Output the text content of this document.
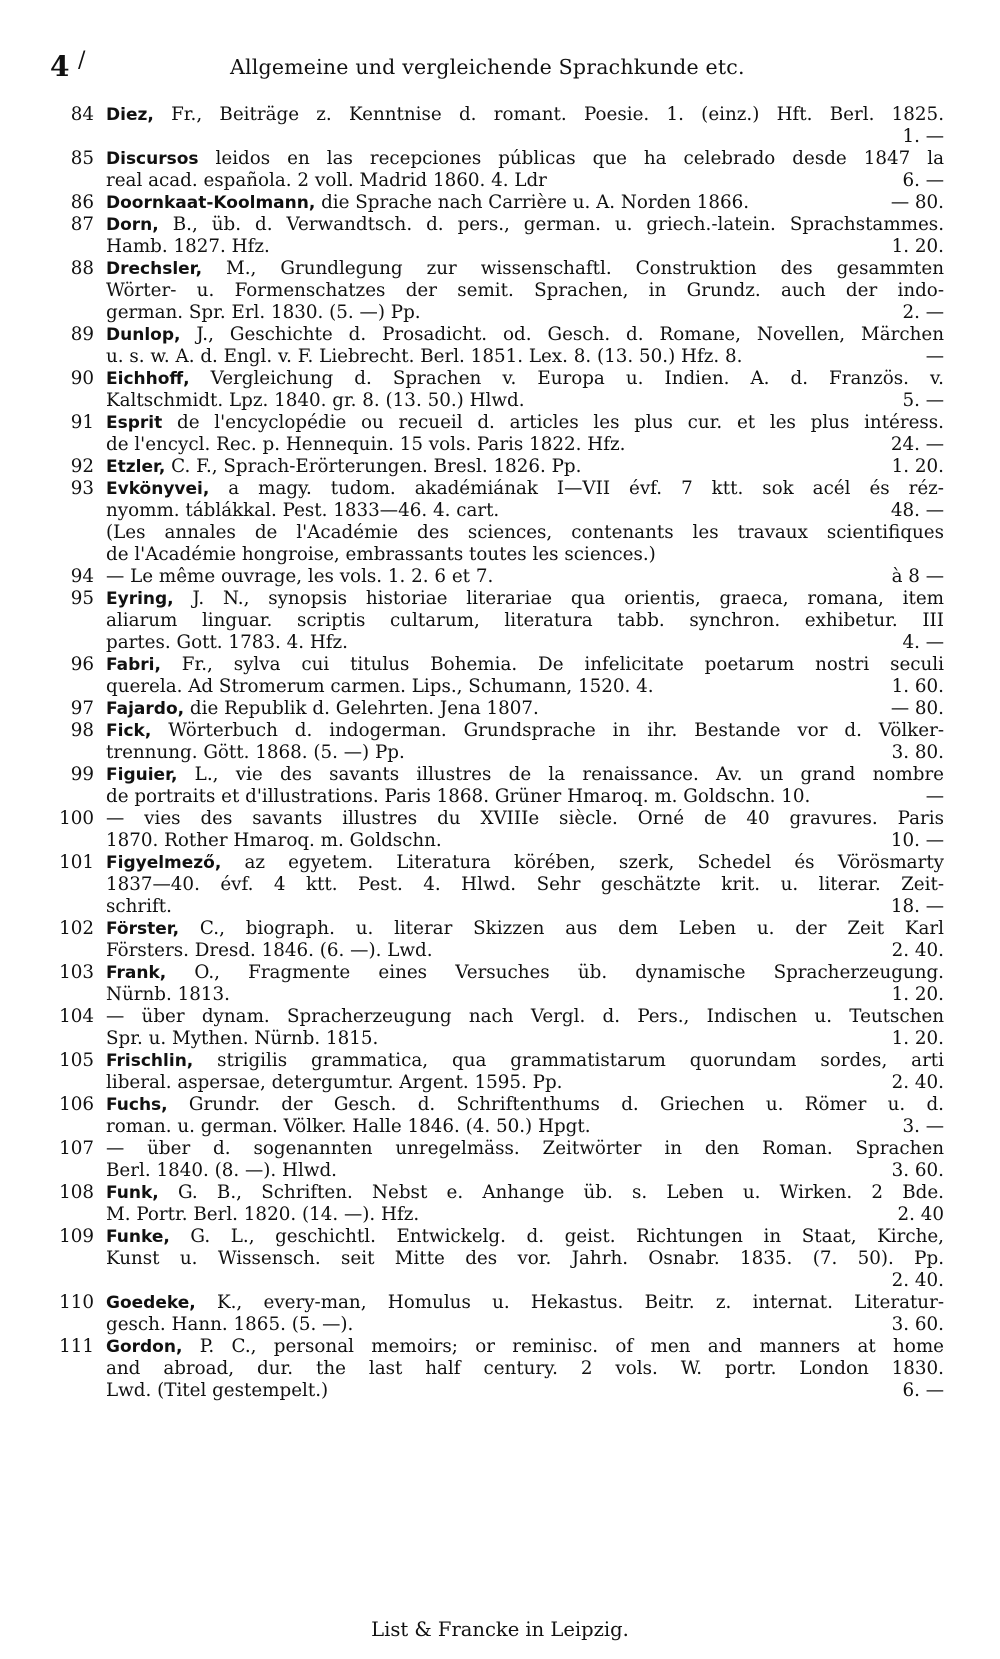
4 /	Allgemeine und vergleichende Sprachkunde etc.
84 Diez, Fr., Beiträge z. Kenntnise d. romant. Poesie. 1. (einz.) Hft. Berl. 1825.
1. —
85 Discursos leidos en las recepciones públicas que ha celebrado desde 1847 la
real acad. española. 2 voll. Madrid 1860. 4. Ldr	6. —
86 Doornkaat-Koolmann, die Sprache nach Carrière u. A. Norden 1866.	— 80.
87 Dorn, B., üb. d. Verwandtsch. d. pers., german. u. griech.-latein. Sprachstammes.
Hamb. 1827. Hfz.	1. 20.
88 Drechsler, M., Grundlegung zur wissenschaftl. Construktion des gesammten
Wörter- u. Formenschatzes der semit. Sprachen, in Grundz. auch der indo-
german. Spr. Erl. 1830. (5. —) Pp.	2. —
89 Dunlop, J., Geschichte d. Prosadicht. od. Gesch. d. Romane, Novellen, Märchen
u. s. w. A. d. Engl. v. F. Liebrecht. Berl. 1851. Lex. 8. (13. 50.) Hfz. 8.	—
90 Eichhoff, Vergleichung d. Sprachen v. Europa u. Indien. A. d. Französ. v.
Kaltschmidt. Lpz. 1840. gr. 8. (13. 50.) Hlwd.	5. —
91 Esprit de l'encyclopédie ou recueil d. articles les plus cur. et les plus intéress.
de l'encycl. Rec. p. Hennequin. 15 vols. Paris 1822. Hfz.	24. —
92 Etzler, C. F., Sprach-Erörterungen. Bresl. 1826. Pp.	1. 20.
93 Evkönyvei, a magy. tudom. akadémiának I—VII évf. 7 ktt. sok acél és réz-
nyomm. táblákkal. Pest. 1833—46. 4. cart.	48. —
(Les annales de l'Académie des sciences, contenants les travaux scientifiques
de l'Académie hongroise, embrassants toutes les sciences.)
94 — Le même ouvrage, les vols. 1. 2. 6 et 7.	à 8 —
95 Eyring, J. N., synopsis historiae literariae qua orientis, graeca, romana, item
aliarum linguar. scriptis cultarum, literatura tabb. synchron. exhibetur. III
partes. Gott. 1783. 4. Hfz.	4. —
96 Fabri, Fr., sylva cui titulus Bohemia. De infelicitate poetarum nostri seculi
querela. Ad Stromerum carmen. Lips., Schumann, 1520. 4.	1. 60.
97 Fajardo, die Republik d. Gelehrten. Jena 1807.	— 80.
98 Fick, Wörterbuch d. indogerman. Grundsprache in ihr. Bestande vor d. Völker-
trennung. Gött. 1868. (5. —) Pp.	3. 80.
99 Figuier, L., vie des savants illustres de la renaissance. Av. un grand nombre
de portraits et d'illustrations. Paris 1868. Grüner Hmaroq. m. Goldschn. 10.	—
100 — vies des savants illustres du XVIIIe siècle. Orné de 40 gravures. Paris
1870. Rother Hmaroq. m. Goldschn.	10. —
101 Figyelmező, az egyetem. Literatura körében, szerk, Schedel és Vörösmarty
1837—40. évf. 4 ktt. Pest. 4. Hlwd. Sehr geschätzte krit. u. literar. Zeit-
schrift.	18. —
102 Förster, C., biograph. u. literar Skizzen aus dem Leben u. der Zeit Karl
Försters. Dresd. 1846. (6. —). Lwd.	2. 40.
103 Frank, O., Fragmente eines Versuches üb. dynamische Spracherzeugung.
Nürnb. 1813.	1. 20.
104 — über dynam. Spracherzeugung nach Vergl. d. Pers., Indischen u. Teutschen
Spr. u. Mythen. Nürnb. 1815.	1. 20.
105 Frischlin, strigilis grammatica, qua grammatistarum quorundam sordes, arti
liberal. aspersae, detergumtur. Argent. 1595. Pp.	2. 40.
106 Fuchs, Grundr. der Gesch. d. Schriftenthums d. Griechen u. Römer u. d.
roman. u. german. Völker. Halle 1846. (4. 50.) Hpgt.	3. —
107 — über d. sogenannten unregelmäss. Zeitwörter in den Roman. Sprachen
Berl. 1840. (8. —). Hlwd.	3. 60.
108 Funk, G. B., Schriften. Nebst e. Anhange üb. s. Leben u. Wirken. 2 Bde.
M. Portr. Berl. 1820. (14. —). Hfz.	2. 40
109 Funke, G. L., geschichtl. Entwickelg. d. geist. Richtungen in Staat, Kirche,
Kunst u. Wissensch. seit Mitte des vor. Jahrh. Osnabr. 1835. (7. 50). Pp.
2. 40.
110 Goedeke, K., every-man, Homulus u. Hekastus. Beitr. z. internat. Literatur-
gesch. Hann. 1865. (5. —).	3. 60.
111 Gordon, P. C., personal memoirs; or reminisc. of men and manners at home
and abroad, dur. the last half century. 2 vols. W. portr. London 1830.
Lwd. (Titel gestempelt.)	6. —
List & Francke in Leipzig.
